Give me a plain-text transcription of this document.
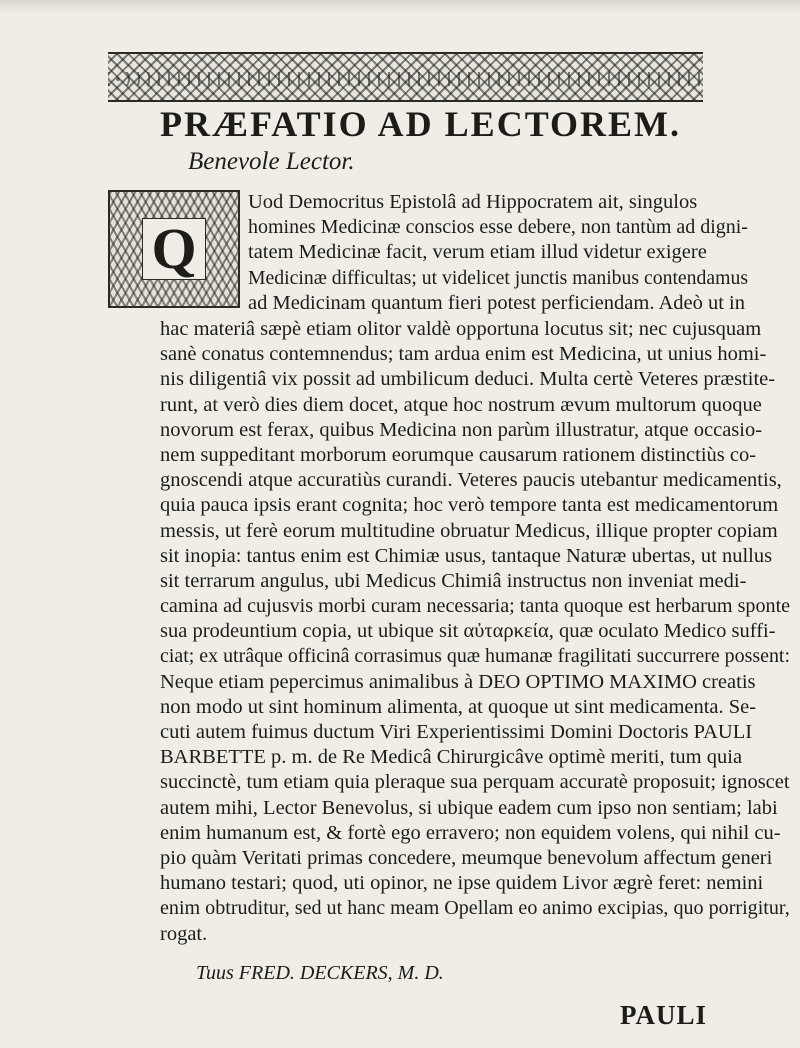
PRÆFATIO AD LECTOREM.
Benevole Lector.
Q
Uod Democritus Epistolâ ad Hippocratem ait, singulos
homines Medicinæ conscios esse debere, non tantùm ad digni-
tatem Medicinæ facit, verum etiam illud videtur exigere
Medicinæ difficultas; ut videlicet junctis manibus contendamus
ad Medicinam quantum fieri potest perficiendam. Adeò ut in
hac materiâ sæpè etiam olitor valdè opportuna locutus sit; nec cujusquam
sanè conatus contemnendus; tam ardua enim est Medicina, ut unius homi-
nis diligentiâ vix possit ad umbilicum deduci. Multa certè Veteres præstite-
runt, at verò dies diem docet, atque hoc nostrum ævum multorum quoque
novorum est ferax, quibus Medicina non parùm illustratur, atque occasio-
nem suppeditant morborum eorumque causarum rationem distinctiùs co-
gnoscendi atque accuratiùs curandi. Veteres paucis utebantur medicamentis,
quia pauca ipsis erant cognita; hoc verò tempore tanta est medicamentorum
messis, ut ferè eorum multitudine obruatur Medicus, illique propter copiam
sit inopia: tantus enim est Chimiæ usus, tantaque Naturæ ubertas, ut nullus
sit terrarum angulus, ubi Medicus Chimiâ instructus non inveniat medi-
camina ad cujusvis morbi curam necessaria; tanta quoque est herbarum sponte
sua prodeuntium copia, ut ubique sit αὐταρκεία, quæ oculato Medico suffi-
ciat; ex utrâque officinâ corrasimus quæ humanæ fragilitati succurrere possent:
Neque etiam pepercimus animalibus à DEO OPTIMO MAXIMO creatis
non modo ut sint hominum alimenta, at quoque ut sint medicamenta. Se-
cuti autem fuimus ductum Viri Experientissimi Domini Doctoris PAULI
BARBETTE p. m. de Re Medicâ Chirurgicâve optimè meriti, tum quia
succinctè, tum etiam quia pleraque sua perquam accuratè proposuit; ignoscet
autem mihi, Lector Benevolus, si ubique eadem cum ipso non sentiam; labi
enim humanum est, & fortè ego erravero; non equidem volens, qui nihil cu-
pio quàm Veritati primas concedere, meumque benevolum affectum generi
humano testari; quod, uti opinor, ne ipse quidem Livor ægrè feret: nemini
enim obtruditur, sed ut hanc meam Opellam eo animo excipias, quo porrigitur,
rogat.
Tuus FRED. DECKERS, M. D.
PAULI
